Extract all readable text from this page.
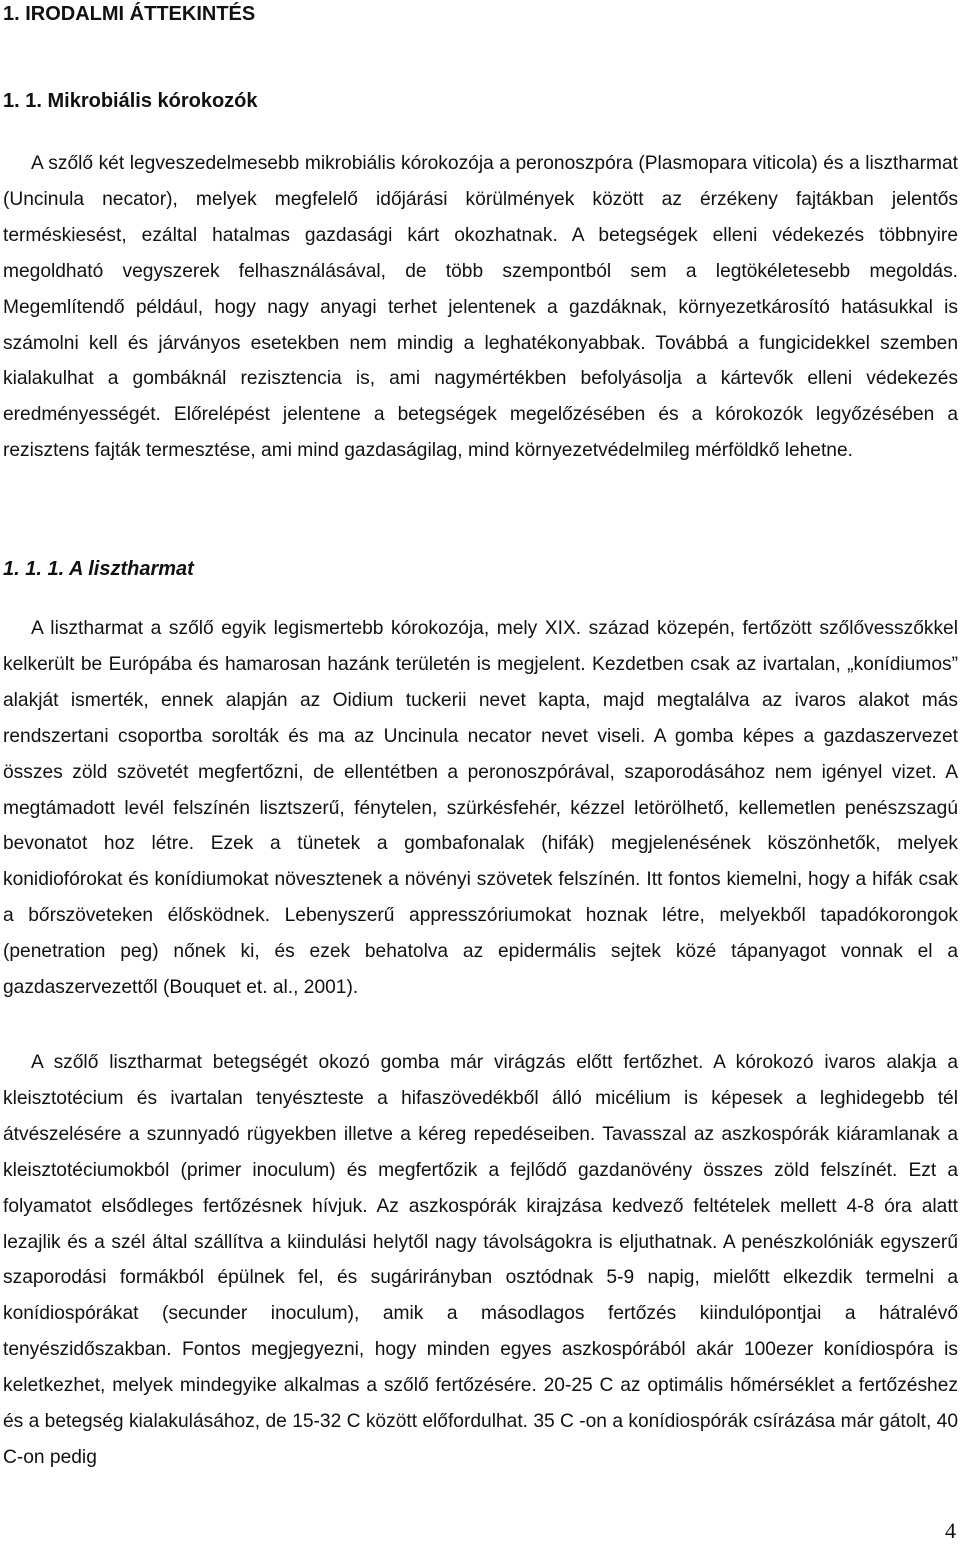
1. IRODALMI ÁTTEKINTÉS
1. 1. Mikrobiális kórokozók

A szőlő két legveszedelmesebb mikrobiális kórokozója a peronoszpóra (Plasmopara viticola) és a lisztharmat (Uncinula necator), melyek megfelelő időjárási körülmények között az érzékeny fajtákban jelentős terméskiesést, ezáltal hatalmas gazdasági kárt okozhatnak. A betegségek elleni védekezés többnyire megoldható vegyszerek felhasználásával, de több szempontból sem a legtökéletesebb megoldás. Megemlítendő például, hogy nagy anyagi terhet jelentenek a gazdáknak, környezetkárosító hatásukkal is számolni kell és járványos esetekben nem mindig a leghatékonyabbak. Továbbá a fungicidekkel szemben kialakulhat a gombáknál rezisztencia is, ami nagymértékben befolyásolja a kártevők elleni védekezés eredményességét. Előrelépést jelentene a betegségek megelőzésében és a kórokozók legyőzésében a rezisztens fajták termesztése, ami mind gazdaságilag, mind környezetvédelmileg mérföldkő lehetne.

1. 1. 1. A lisztharmat

A lisztharmat a szőlő egyik legismertebb kórokozója, mely XIX. század közepén, fertőzött szőlővesszőkkel kelkerült be Európába és hamarosan hazánk területén is megjelent. Kezdetben csak az ivartalan, „konídiumos” alakját ismerték, ennek alapján az Oidium tuckerii nevet kapta, majd megtalálva az ivaros alakot más rendszertani csoportba sorolták és ma az Uncinula necator nevet viseli. A gomba képes a gazdaszervezet összes zöld szövetét megfertőzni, de ellentétben a peronoszpórával, szaporodásához nem igényel vizet. A megtámadott levél felszínén lisztszerű, fénytelen, szürkésfehér, kézzel letörölhető, kellemetlen penészszagú bevonatot hoz létre. Ezek a tünetek a gombafonalak (hifák) megjelenésének köszönhetők, melyek konidiofórokat és konídiumokat növesztenek a növényi szövetek felszínén. Itt fontos kiemelni, hogy a hifák csak a bőrszöveteken élősködnek. Lebenyszerű appresszóriumokat hoznak létre, melyekből tapadókorongok (penetration peg) nőnek ki, és ezek behatolva az epidermális sejtek közé tápanyagot vonnak el a gazdaszervezettől (Bouquet et. al., 2001).

A szőlő lisztharmat betegségét okozó gomba már virágzás előtt fertőzhet. A kórokozó ivaros alakja a kleisztotécium és ivartalan tenyészteste a hifaszövedékből álló micélium is képesek a leghidegebb tél átvészelésére a szunnyadó rügyekben illetve a kéreg repedéseiben. Tavasszal az aszkospórák kiáramlanak a kleisztotéciumokból (primer inoculum) és megfertőzik a fejlődő gazdanövény összes zöld felszínét. Ezt a folyamatot elsődleges fertőzésnek hívjuk. Az aszkospórák kirajzása kedvező feltételek mellett 4-8 óra alatt lezajlik és a szél által szállítva a kiindulási helytől nagy távolságokra is eljuthatnak. A penészkolóniák egyszerű szaporodási formákból épülnek fel, és sugárirányban osztódnak 5-9 napig, mielőtt elkezdik termelni a konídiospórákat (secunder inoculum), amik a másodlagos fertőzés kiindulópontjai a hátralévő tenyészidőszakban. Fontos megjegyezni, hogy minden egyes aszkospórából akár 100ezer konídiospóra is keletkezhet, melyek mindegyike alkalmas a szőlő fertőzésére. 20-25 C az optimális hőmérséklet a fertőzéshez és a betegség kialakulásához, de 15-32 C között előfordulhat. 35 C -on a konídiospórák csírázása már gátolt, 40 C-on pedig

4
